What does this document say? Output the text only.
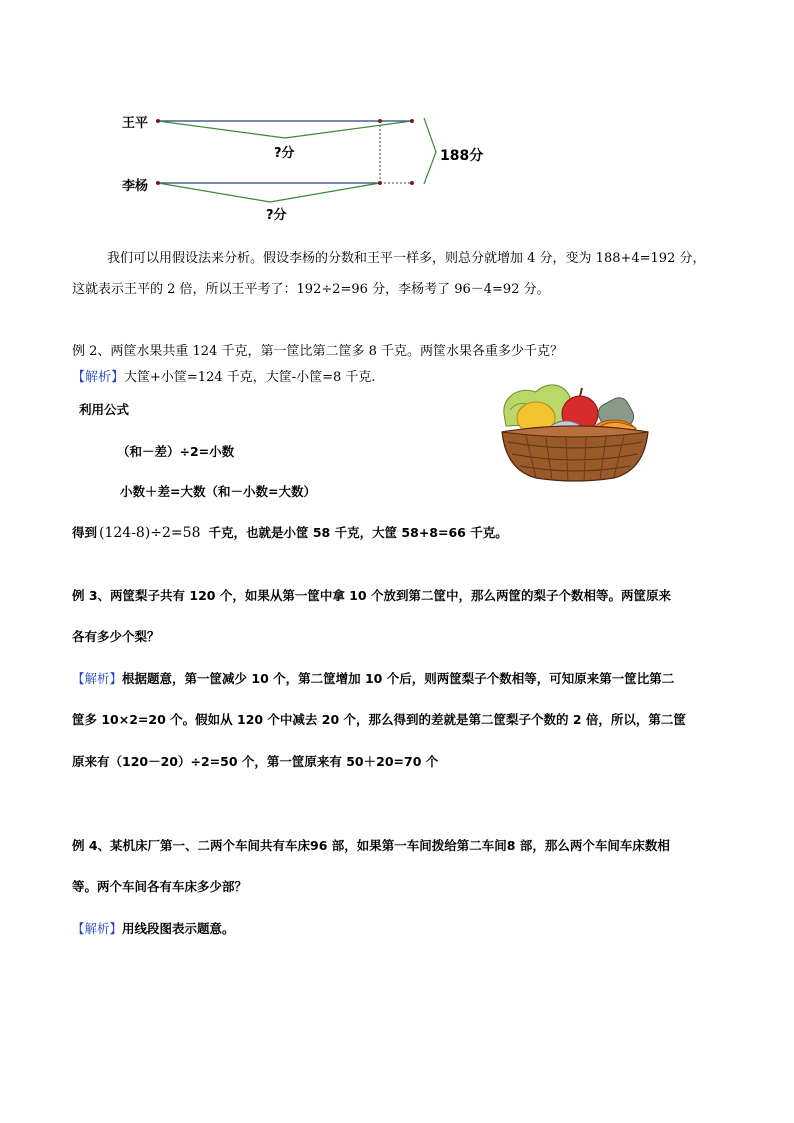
王平
李杨
?分
?分
188分
我们可以用假设法来分析。假设李杨的分数和王平一样多，则总分就增加 4 分，变为 188+4=192 分，
这就表示王平的 2 倍，所以王平考了：192÷2=96 分，李杨考了 96－4=92 分。
例 2、两筐水果共重 124 千克，第一筐比第二筐多 8 千克。两筐水果各重多少千克？
【解析】大筐+小筐=124 千克，大筐-小筐=8 千克.
利用公式
（和－差）÷2=小数
小数＋差=大数（和－小数=大数）
得到 (124-8)÷2=58 千克，也就是小筐 58 千克，大筐 58+8=66 千克。
例 3、两筐梨子共有 120 个，如果从第一筐中拿 10 个放到第二筐中，那么两筐的梨子个数相等。两筐原来
各有多少个梨？
【解析】根据题意，第一筐减少 10 个，第二筐增加 10 个后，则两筐梨子个数相等，可知原来第一筐比第二
筐多 10×2=20 个。假如从 120 个中减去 20 个，那么得到的差就是第二筐梨子个数的 2 倍，所以，第二筐
原来有（120－20）÷2=50 个，第一筐原来有 50＋20=70 个
例 4、某机床厂第一、二两个车间共有车床96 部，如果第一车间拨给第二车间8 部，那么两个车间车床数相
等。两个车间各有车床多少部？
【解析】用线段图表示题意。
